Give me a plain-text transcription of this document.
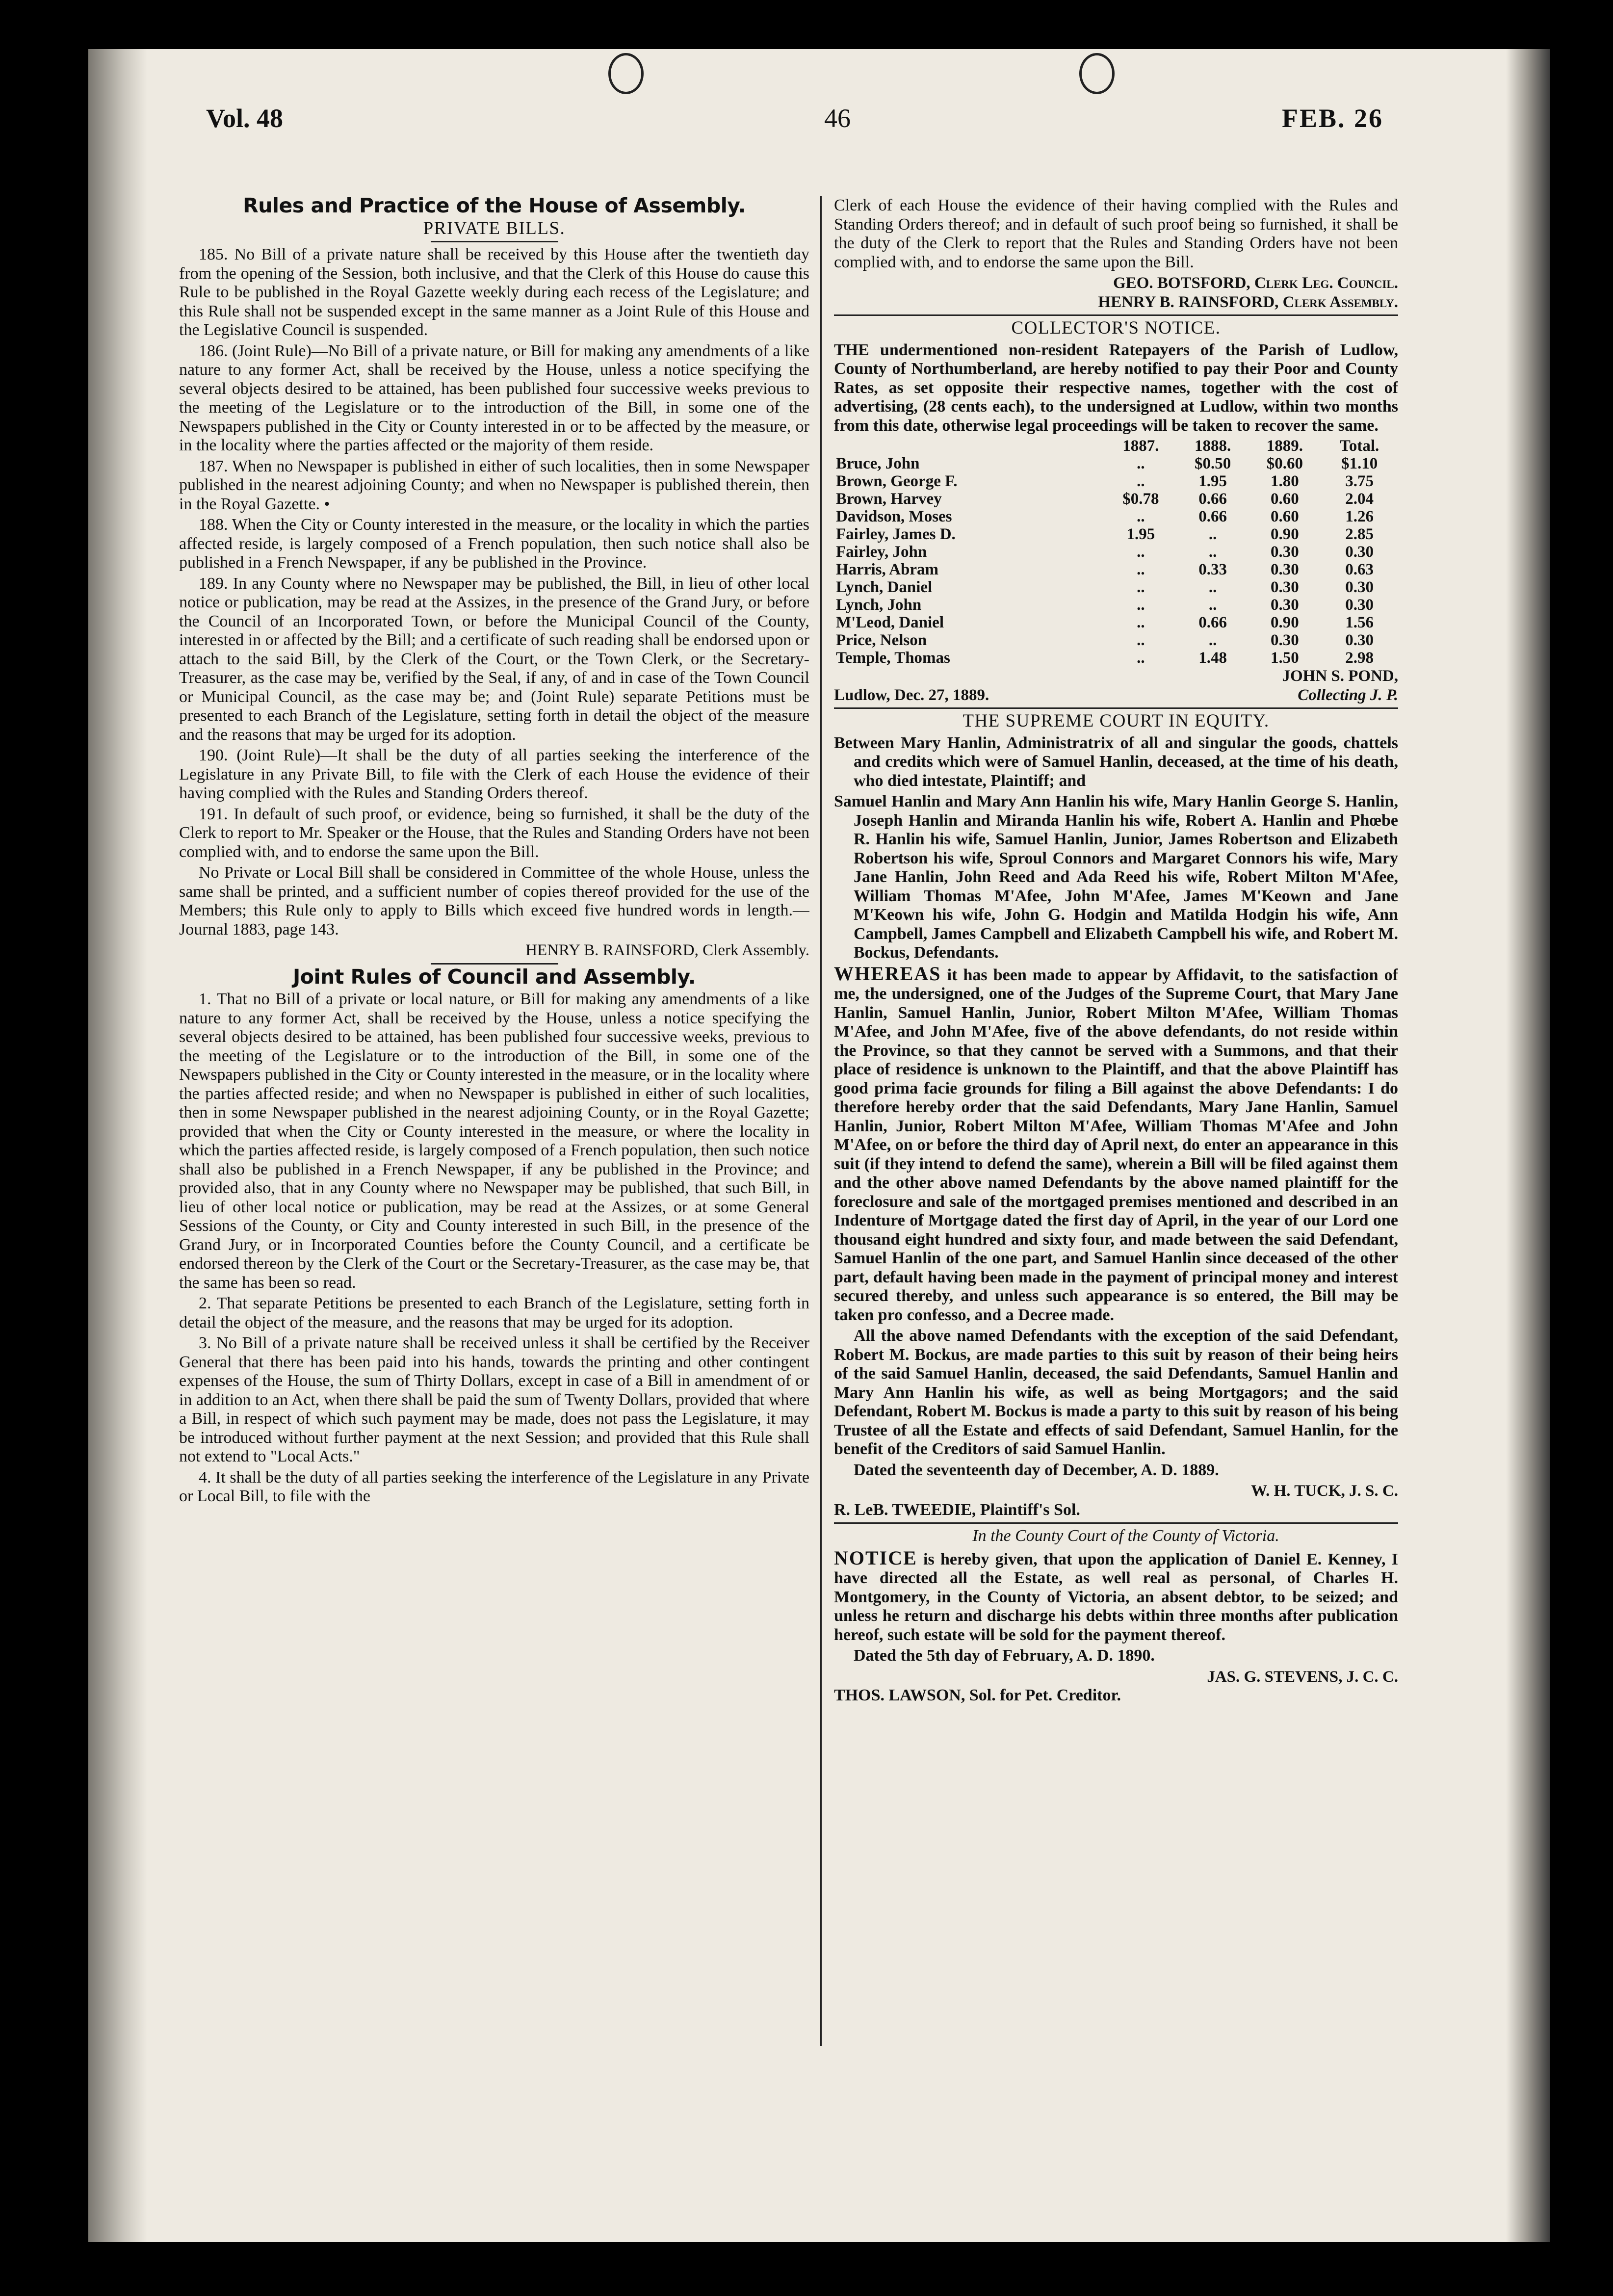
Vol. 48	46	FEB. 26
Rules and Practice of the House of Assembly.
PRIVATE BILLS.

185. No Bill of a private nature shall be received by this House after the twentieth day from the opening of the Session, both inclusive, and that the Clerk of this House do cause this Rule to be published in the Royal Gazette weekly during each recess of the Legislature; and this Rule shall not be suspended except in the same manner as a Joint Rule of this House and the Legislative Council is suspended.

186. (Joint Rule)—No Bill of a private nature, or Bill for making any amendments of a like nature to any former Act, shall be received by the House, unless a notice specifying the several objects desired to be attained, has been published four successive weeks previous to the meeting of the Legislature or to the introduction of the Bill, in some one of the Newspapers published in the City or County interested in or to be affected by the measure, or in the locality where the parties affected or the majority of them reside.

187. When no Newspaper is published in either of such localities, then in some Newspaper published in the nearest adjoining County; and when no Newspaper is published therein, then in the Royal Gazette. •

188. When the City or County interested in the measure, or the locality in which the parties affected reside, is largely composed of a French population, then such notice shall also be published in a French Newspaper, if any be published in the Province.

189. In any County where no Newspaper may be published, the Bill, in lieu of other local notice or publication, may be read at the Assizes, in the presence of the Grand Jury, or before the Council of an Incorporated Town, or before the Municipal Council of the County, interested in or affected by the Bill; and a certificate of such reading shall be endorsed upon or attach to the said Bill, by the Clerk of the Court, or the Town Clerk, or the Secretary-Treasurer, as the case may be, verified by the Seal, if any, of and in case of the Town Council or Municipal Council, as the case may be; and (Joint Rule) separate Petitions must be presented to each Branch of the Legislature, setting forth in detail the object of the measure and the reasons that may be urged for its adoption.

190. (Joint Rule)—It shall be the duty of all parties seeking the interference of the Legislature in any Private Bill, to file with the Clerk of each House the evidence of their having complied with the Rules and Standing Orders thereof.

191. In default of such proof, or evidence, being so furnished, it shall be the duty of the Clerk to report to Mr. Speaker or the House, that the Rules and Standing Orders have not been complied with, and to endorse the same upon the Bill.

No Private or Local Bill shall be considered in Committee of the whole House, unless the same shall be printed, and a sufficient number of copies thereof provided for the use of the Members; this Rule only to apply to Bills which exceed five hundred words in length.—Journal 1883, page 143.

HENRY B. RAINSFORD, Clerk Assembly.

Joint Rules of Council and Assembly.

1. That no Bill of a private or local nature, or Bill for making any amendments of a like nature to any former Act, shall be received by the House, unless a notice specifying the several objects desired to be attained, has been published four successive weeks, previous to the meeting of the Legislature or to the introduction of the Bill, in some one of the Newspapers published in the City or County interested in the measure, or in the locality where the parties affected reside; and when no Newspaper is published in either of such localities, then in some Newspaper published in the nearest adjoining County, or in the Royal Gazette; provided that when the City or County interested in the measure, or where the locality in which the parties affected reside, is largely composed of a French population, then such notice shall also be published in a French Newspaper, if any be published in the Province; and provided also, that in any County where no Newspaper may be published, that such Bill, in lieu of other local notice or publication, may be read at the Assizes, or at some General Sessions of the County, or City and County interested in such Bill, in the presence of the Grand Jury, or in Incorporated Counties before the County Council, and a certificate be endorsed thereon by the Clerk of the Court or the Secretary-Treasurer, as the case may be, that the same has been so read.

2. That separate Petitions be presented to each Branch of the Legislature, setting forth in detail the object of the measure, and the reasons that may be urged for its adoption.

3. No Bill of a private nature shall be received unless it shall be certified by the Receiver General that there has been paid into his hands, towards the printing and other contingent expenses of the House, the sum of Thirty Dollars, except in case of a Bill in amendment of or in addition to an Act, when there shall be paid the sum of Twenty Dollars, provided that where a Bill, in respect of which such payment may be made, does not pass the Legislature, it may be introduced without further payment at the next Session; and provided that this Rule shall not extend to "Local Acts."

4. It shall be the duty of all parties seeking the interference of the Legislature in any Private or Local Bill, to file with the

Clerk of each House the evidence of their having complied with the Rules and Standing Orders thereof; and in default of such proof being so furnished, it shall be the duty of the Clerk to report that the Rules and Standing Orders have not been complied with, and to endorse the same upon the Bill.

GEO. BOTSFORD, Clerk Leg. Council.

HENRY B. RAINSFORD, Clerk Assembly.

COLLECTOR'S NOTICE.

THE undermentioned non-resident Ratepayers of the Parish of Ludlow, County of Northumberland, are hereby notified to pay their Poor and County Rates, as set opposite their respective names, together with the cost of advertising, (28 cents each), to the undersigned at Ludlow, within two months from this date, otherwise legal proceedings will be taken to recover the same.

	1887.	1888.	1889.	Total.
Bruce, John	..	$0.50	$0.60	$1.10
Brown, George F.	..	1.95	1.80	3.75
Brown, Harvey	$0.78	0.66	0.60	2.04
Davidson, Moses	..	0.66	0.60	1.26
Fairley, James D.	1.95	..	0.90	2.85
Fairley, John	..	..	0.30	0.30
Harris, Abram	..	0.33	0.30	0.63
Lynch, Daniel	..	..	0.30	0.30
Lynch, John	..	..	0.30	0.30
M'Leod, Daniel	..	0.66	0.90	1.56
Price, Nelson	..	..	0.30	0.30
Temple, Thomas	..	1.48	1.50	2.98

JOHN S. POND,

Ludlow, Dec. 27, 1889.	Collecting J. P.
THE SUPREME COURT IN EQUITY.

Between Mary Hanlin, Administratrix of all and singular the goods, chattels and credits which were of Samuel Hanlin, deceased, at the time of his death, who died intestate, Plaintiff; and

Samuel Hanlin and Mary Ann Hanlin his wife, Mary Hanlin George S. Hanlin, Joseph Hanlin and Miranda Hanlin his wife, Robert A. Hanlin and Phœbe R. Hanlin his wife, Samuel Hanlin, Junior, James Robertson and Elizabeth Robertson his wife, Sproul Connors and Margaret Connors his wife, Mary Jane Hanlin, John Reed and Ada Reed his wife, Robert Milton M'Afee, William Thomas M'Afee, John M'Afee, James M'Keown and Jane M'Keown his wife, John G. Hodgin and Matilda Hodgin his wife, Ann Campbell, James Campbell and Elizabeth Campbell his wife, and Robert M. Bockus, Defendants.

WHEREAS it has been made to appear by Affidavit, to the satisfaction of me, the undersigned, one of the Judges of the Supreme Court, that Mary Jane Hanlin, Samuel Hanlin, Junior, Robert Milton M'Afee, William Thomas M'Afee, and John M'Afee, five of the above defendants, do not reside within the Province, so that they cannot be served with a Summons, and that their place of residence is unknown to the Plaintiff, and that the above Plaintiff has good prima facie grounds for filing a Bill against the above Defendants: I do therefore hereby order that the said Defendants, Mary Jane Hanlin, Samuel Hanlin, Junior, Robert Milton M'Afee, William Thomas M'Afee and John M'Afee, on or before the third day of April next, do enter an appearance in this suit (if they intend to defend the same), wherein a Bill will be filed against them and the other above named Defendants by the above named plaintiff for the foreclosure and sale of the mortgaged premises mentioned and described in an Indenture of Mortgage dated the first day of April, in the year of our Lord one thousand eight hundred and sixty four, and made between the said Defendant, Samuel Hanlin of the one part, and Samuel Hanlin since deceased of the other part, default having been made in the payment of principal money and interest secured thereby, and unless such appearance is so entered, the Bill may be taken pro confesso, and a Decree made.

All the above named Defendants with the exception of the said Defendant, Robert M. Bockus, are made parties to this suit by reason of their being heirs of the said Samuel Hanlin, deceased, the said Defendants, Samuel Hanlin and Mary Ann Hanlin his wife, as well as being Mortgagors; and the said Defendant, Robert M. Bockus is made a party to this suit by reason of his being Trustee of all the Estate and effects of said Defendant, Samuel Hanlin, for the benefit of the Creditors of said Samuel Hanlin.

Dated the seventeenth day of December, A. D. 1889.

W. H. TUCK, J. S. C.

R. LeB. TWEEDIE, Plaintiff's Sol.

In the County Court of the County of Victoria.

NOTICE is hereby given, that upon the application of Daniel E. Kenney, I have directed all the Estate, as well real as personal, of Charles H. Montgomery, in the County of Victoria, an absent debtor, to be seized; and unless he return and discharge his debts within three months after publication hereof, such estate will be sold for the payment thereof.

Dated the 5th day of February, A. D. 1890.

JAS. G. STEVENS, J. C. C.

THOS. LAWSON, Sol. for Pet. Creditor.
